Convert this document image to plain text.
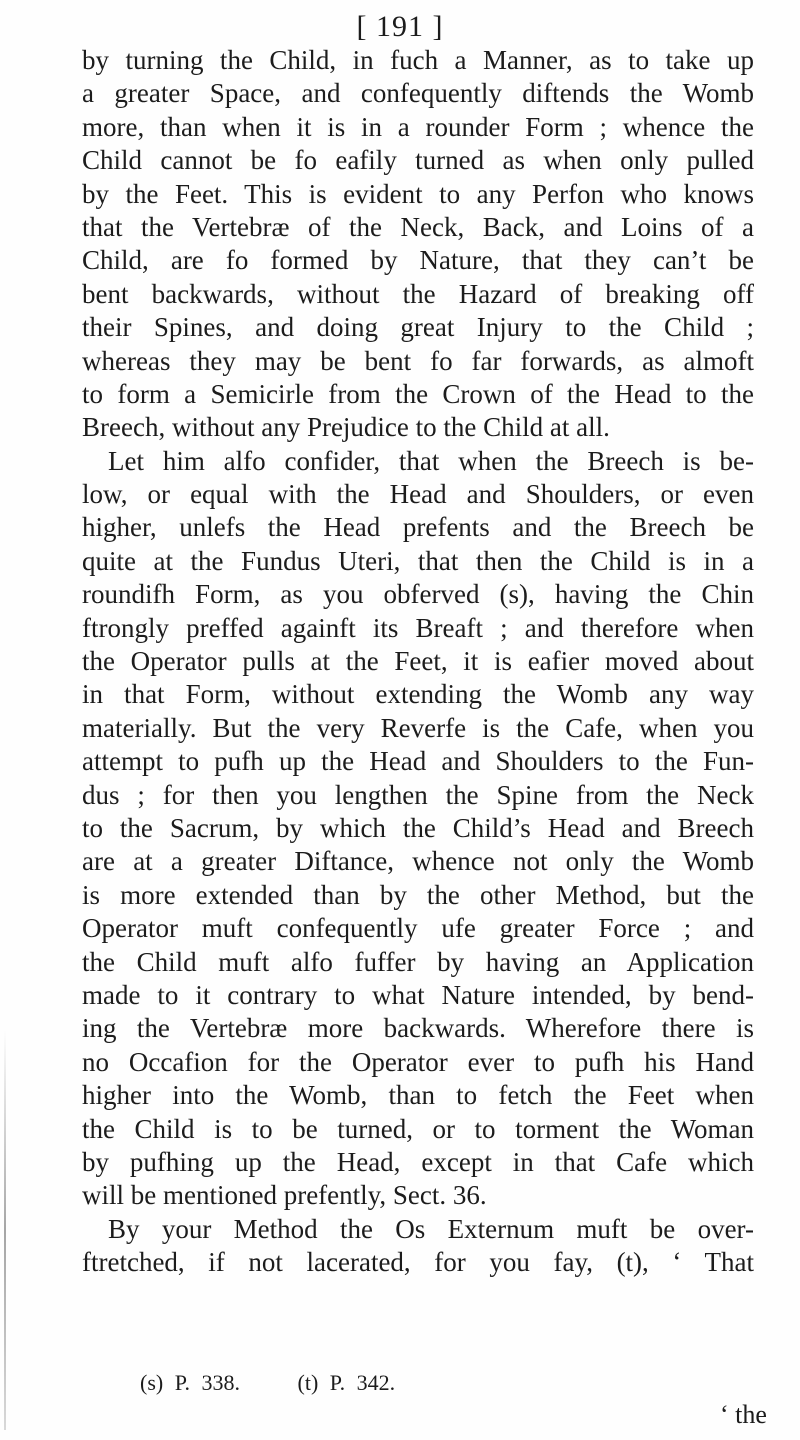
[ 191 ]
by turning the Child, in fuch a Manner, as to take up
a greater Space, and confequently diftends the Womb
more, than when it is in a rounder Form ; whence the
Child cannot be fo eafily turned as when only pulled
by the Feet. This is evident to any Perfon who knows
that the Vertebræ of the Neck, Back, and Loins of a
Child, are fo formed by Nature, that they can’t be
bent backwards, without the Hazard of breaking off
their Spines, and doing great Injury to the Child ;
whereas they may be bent fo far forwards, as almoft
to form a Semicirle from the Crown of the Head to the
Breech, without any Prejudice to the Child at all.
Let him alfo confider, that when the Breech is be-
low, or equal with the Head and Shoulders, or even
higher, unlefs the Head prefents and the Breech be
quite at the Fundus Uteri, that then the Child is in a
roundifh Form, as you obferved (s), having the Chin
ftrongly preffed againft its Breaft ; and therefore when
the Operator pulls at the Feet, it is eafier moved about
in that Form, without extending the Womb any way
materially. But the very Reverfe is the Cafe, when you
attempt to pufh up the Head and Shoulders to the Fun-
dus ; for then you lengthen the Spine from the Neck
to the Sacrum, by which the Child’s Head and Breech
are at a greater Diftance, whence not only the Womb
is more extended than by the other Method, but the
Operator muft confequently ufe greater Force ; and
the Child muft alfo fuffer by having an Application
made to it contrary to what Nature intended, by bend-
ing the Vertebræ more backwards. Wherefore there is
no Occafion for the Operator ever to pufh his Hand
higher into the Womb, than to fetch the Feet when
the Child is to be turned, or to torment the Woman
by pufhing up the Head, except in that Cafe which
will be mentioned prefently, Sect. 36.
By your Method the Os Externum muft be over-
ftretched, if not lacerated, for you fay, (t), ‘ That
(s) P. 338.	(t) P. 342.
‘ the
